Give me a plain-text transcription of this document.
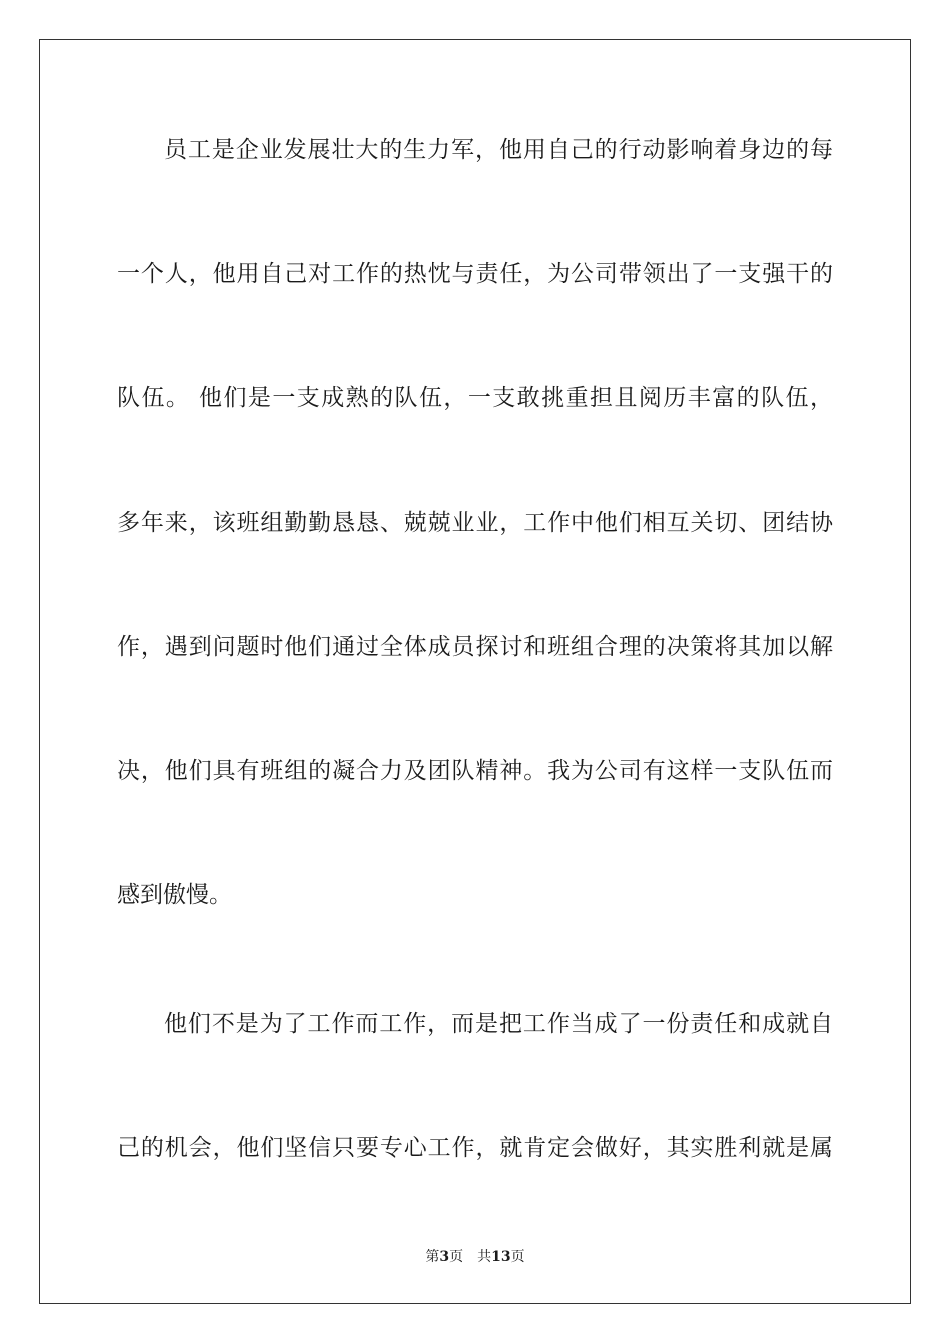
员工是企业发展壮大的生力军，他用自己的行动影响着身边的每
一个人，他用自己对工作的热忱与责任，为公司带领出了一支强干的
队伍。 他们是一支成熟的队伍，一支敢挑重担且阅历丰富的队伍，
多年来，该班组勤勤恳恳、兢兢业业，工作中他们相互关切、团结协
作，遇到问题时他们通过全体成员探讨和班组合理的决策将其加以解
决，他们具有班组的凝合力及团队精神。我为公司有这样一支队伍而
感到傲慢。
他们不是为了工作而工作，而是把工作当成了一份责任和成就自
己的机会，他们坚信只要专心工作，就肯定会做好，其实胜利就是属
第3页 共13页
